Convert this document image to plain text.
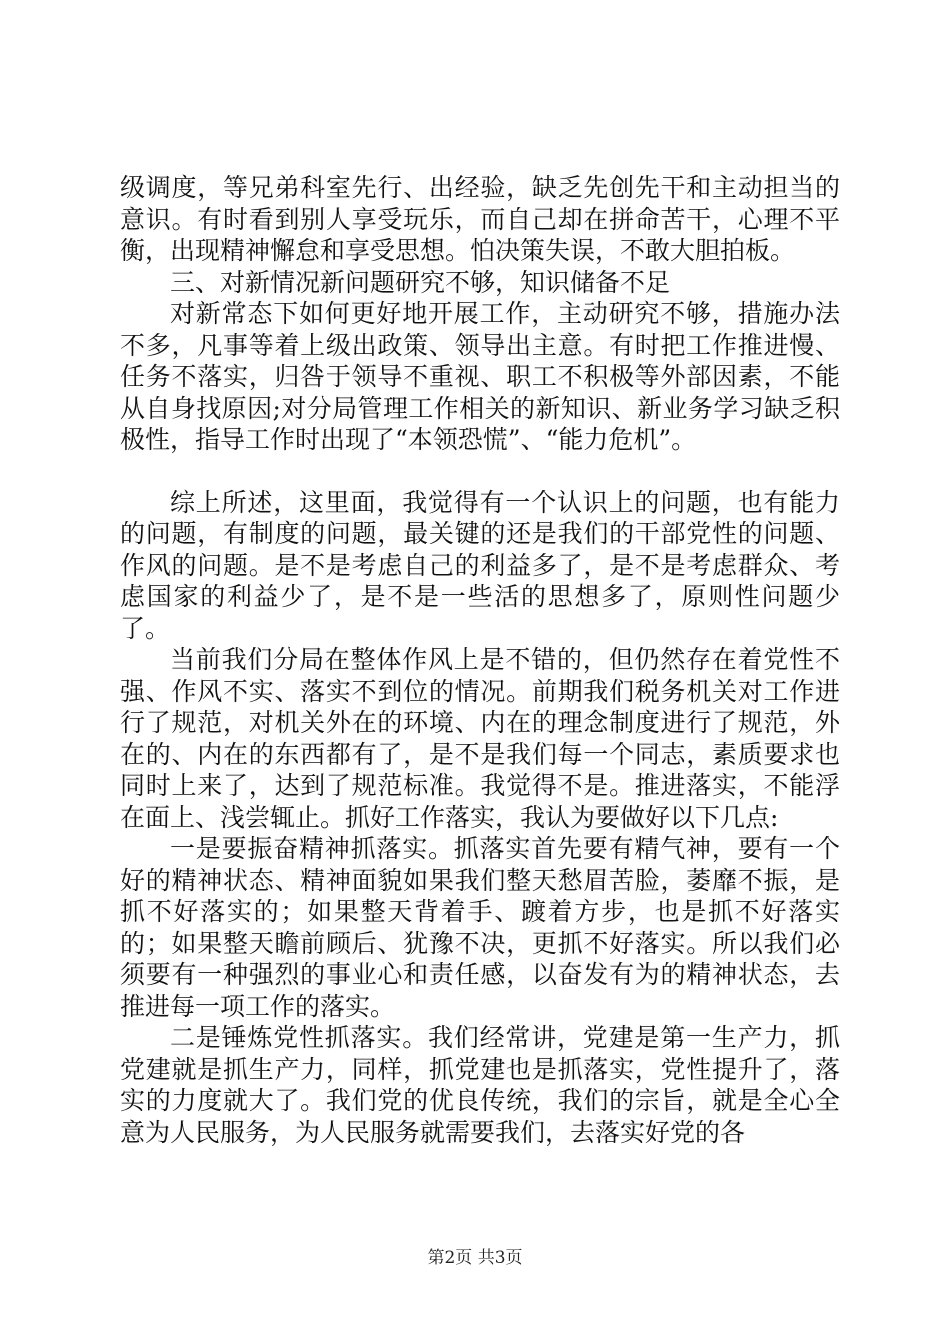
级调度，等兄弟科室先行、出经验，缺乏先创先干和主动担当的意识。有时看到别人享受玩乐，而自己却在拼命苦干，心理不平衡，出现精神懈怠和享受思想。怕决策失误，不敢大胆拍板。

三、对新情况新问题研究不够，知识储备不足

对新常态下如何更好地开展工作，主动研究不够，措施办法不多，凡事等着上级出政策、领导出主意。有时把工作推进慢、任务不落实，归咎于领导不重视、职工不积极等外部因素，不能从自身找原因;对分局管理工作相关的新知识、新业务学习缺乏积极性，指导工作时出现了“本领恐慌”、“能力危机”。

综上所述，这里面，我觉得有一个认识上的问题，也有能力的问题，有制度的问题，最关键的还是我们的干部党性的问题、作风的问题。是不是考虑自己的利益多了，是不是考虑群众、考虑国家的利益少了，是不是一些活的思想多了，原则性问题少了。

当前我们分局在整体作风上是不错的，但仍然存在着党性不强、作风不实、落实不到位的情况。前期我们税务机关对工作进行了规范，对机关外在的环境、内在的理念制度进行了规范，外在的、内在的东西都有了，是不是我们每一个同志，素质要求也同时上来了，达到了规范标准。我觉得不是。推进落实，不能浮在面上、浅尝辄止。抓好工作落实，我认为要做好以下几点:

一是要振奋精神抓落实。抓落实首先要有精气神，要有一个好的精神状态、精神面貌如果我们整天愁眉苦脸，萎靡不振，是抓不好落实的；如果整天背着手、踱着方步，也是抓不好落实的；如果整天瞻前顾后、犹豫不决，更抓不好落实。所以我们必须要有一种强烈的事业心和责任感，以奋发有为的精神状态，去推进每一项工作的落实。

二是锤炼党性抓落实。我们经常讲，党建是第一生产力，抓党建就是抓生产力，同样，抓党建也是抓落实，党性提升了，落实的力度就大了。我们党的优良传统，我们的宗旨，就是全心全意为人民服务，为人民服务就需要我们，去落实好党的各

第2页 共3页
